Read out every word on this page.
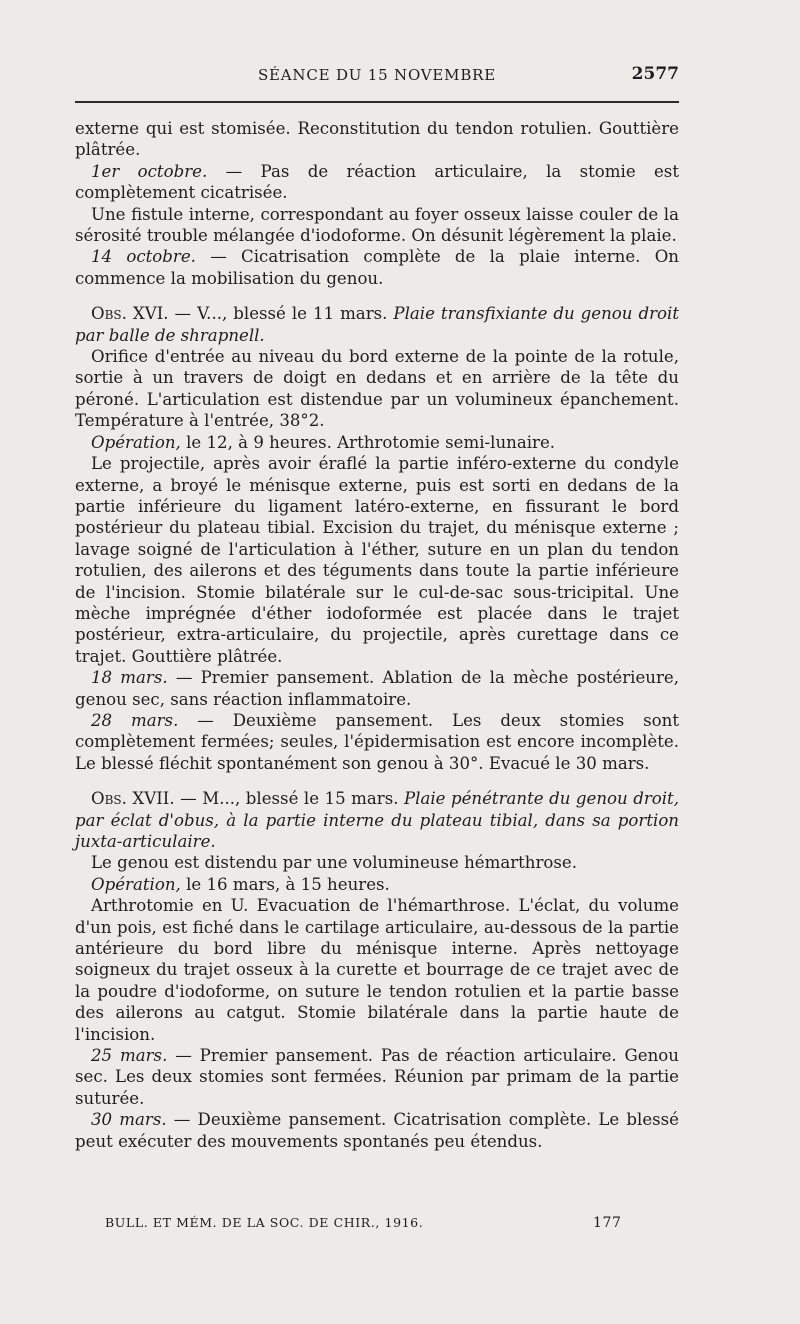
SÉANCE DU 15 NOVEMBRE	2577

externe qui est stomisée. Reconstitution du tendon rotulien. Gouttière plâtrée.

1er octobre. — Pas de réaction articulaire, la stomie est complètement cicatrisée.

Une fistule interne, correspondant au foyer osseux laisse couler de la sérosité trouble mélangée d'iodoforme. On désunit légèrement la plaie.

14 octobre. — Cicatrisation complète de la plaie interne. On commence la mobilisation du genou.

Obs. XVI. — V..., blessé le 11 mars. Plaie transfixiante du genou droit par balle de shrapnell.

Orifice d'entrée au niveau du bord externe de la pointe de la rotule, sortie à un travers de doigt en dedans et en arrière de la tête du péroné. L'articulation est distendue par un volumineux épanchement. Température à l'entrée, 38°2.

Opération, le 12, à 9 heures. Arthrotomie semi-lunaire.

Le projectile, après avoir éraflé la partie inféro-externe du condyle externe, a broyé le ménisque externe, puis est sorti en dedans de la partie inférieure du ligament latéro-externe, en fissurant le bord postérieur du plateau tibial. Excision du trajet, du ménisque externe ; lavage soigné de l'articulation à l'éther, suture en un plan du tendon rotulien, des ailerons et des téguments dans toute la partie inférieure de l'incision. Stomie bilatérale sur le cul-de-sac sous-tricipital. Une mèche imprégnée d'éther iodoformée est placée dans le trajet postérieur, extra-articulaire, du projectile, après curettage dans ce trajet. Gouttière plâtrée.

18 mars. — Premier pansement. Ablation de la mèche postérieure, genou sec, sans réaction inflammatoire.

28 mars. — Deuxième pansement. Les deux stomies sont complètement fermées; seules, l'épidermisation est encore incomplète. Le blessé fléchit spontanément son genou à 30°. Evacué le 30 mars.

Obs. XVII. — M..., blessé le 15 mars. Plaie pénétrante du genou droit, par éclat d'obus, à la partie interne du plateau tibial, dans sa portion juxta-articulaire.

Le genou est distendu par une volumineuse hémarthrose.

Opération, le 16 mars, à 15 heures.

Arthrotomie en U. Evacuation de l'hémarthrose. L'éclat, du volume d'un pois, est fiché dans le cartilage articulaire, au-dessous de la partie antérieure du bord libre du ménisque interne. Après nettoyage soigneux du trajet osseux à la curette et bourrage de ce trajet avec de la poudre d'iodoforme, on suture le tendon rotulien et la partie basse des ailerons au catgut. Stomie bilatérale dans la partie haute de l'incision.

25 mars. — Premier pansement. Pas de réaction articulaire. Genou sec. Les deux stomies sont fermées. Réunion par primam de la partie suturée.

30 mars. — Deuxième pansement. Cicatrisation complète. Le blessé peut exécuter des mouvements spontanés peu étendus.

BULL. ET MÉM. DE LA SOC. DE CHIR., 1916.	177
